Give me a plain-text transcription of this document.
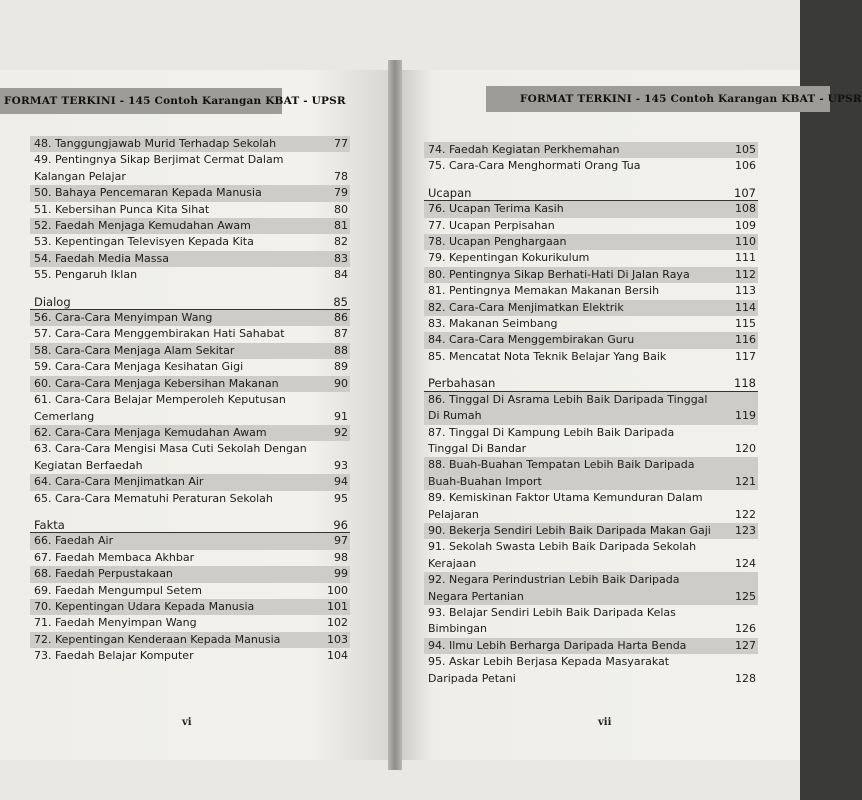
FORMAT TERKINI - 145 Contoh Karangan KBAT - UPSR
48. Tanggungjawab Murid Terhadap Sekolah	77
49. Pentingnya Sikap Berjimat Cermat Dalam Kalangan Pelajar	78
50. Bahaya Pencemaran Kepada Manusia	79
51. Kebersihan Punca Kita Sihat	80
52. Faedah Menjaga Kemudahan Awam	81
53. Kepentingan Televisyen Kepada Kita	82
54. Faedah Media Massa	83
55. Pengaruh Iklan	84
Dialog	85
56. Cara-Cara Menyimpan Wang	86
57. Cara-Cara Menggembirakan Hati Sahabat	87
58. Cara-Cara Menjaga Alam Sekitar	88
59. Cara-Cara Menjaga Kesihatan Gigi	89
60. Cara-Cara Menjaga Kebersihan Makanan	90
61. Cara-Cara Belajar Memperoleh Keputusan Cemerlang	91
62. Cara-Cara Menjaga Kemudahan Awam	92
63. Cara-Cara Mengisi Masa Cuti Sekolah Dengan Kegiatan Berfaedah	93
64. Cara-Cara Menjimatkan Air	94
65. Cara-Cara Mematuhi Peraturan Sekolah	95
Fakta	96
66. Faedah Air	97
67. Faedah Membaca Akhbar	98
68. Faedah Perpustakaan	99
69. Faedah Mengumpul Setem	100
70. Kepentingan Udara Kepada Manusia	101
71. Faedah Menyimpan Wang	102
72. Kepentingan Kenderaan Kepada Manusia	103
73. Faedah Belajar Komputer	104
vi
FORMAT TERKINI - 145 Contoh Karangan KBAT - UPSR
74. Faedah Kegiatan Perkhemahan	105
75. Cara-Cara Menghormati Orang Tua	106
Ucapan	107
76. Ucapan Terima Kasih	108
77. Ucapan Perpisahan	109
78. Ucapan Penghargaan	110
79. Kepentingan Kokurikulum	111
80. Pentingnya Sikap Berhati-Hati Di Jalan Raya	112
81. Pentingnya Memakan Makanan Bersih	113
82. Cara-Cara Menjimatkan Elektrik	114
83. Makanan Seimbang	115
84. Cara-Cara Menggembirakan Guru	116
85. Mencatat Nota Teknik Belajar Yang Baik	117
Perbahasan	118
86. Tinggal Di Asrama Lebih Baik Daripada Tinggal Di Rumah	119
87. Tinggal Di Kampung Lebih Baik Daripada Tinggal Di Bandar	120
88. Buah-Buahan Tempatan Lebih Baik Daripada Buah-Buahan Import	121
89. Kemiskinan Faktor Utama Kemunduran Dalam Pelajaran	122
90. Bekerja Sendiri Lebih Baik Daripada Makan Gaji	123
91. Sekolah Swasta Lebih Baik Daripada Sekolah Kerajaan	124
92. Negara Perindustrian Lebih Baik Daripada Negara Pertanian	125
93. Belajar Sendiri Lebih Baik Daripada Kelas Bimbingan	126
94. Ilmu Lebih Berharga Daripada Harta Benda	127
95. Askar Lebih Berjasa Kepada Masyarakat Daripada Petani	128
vii
